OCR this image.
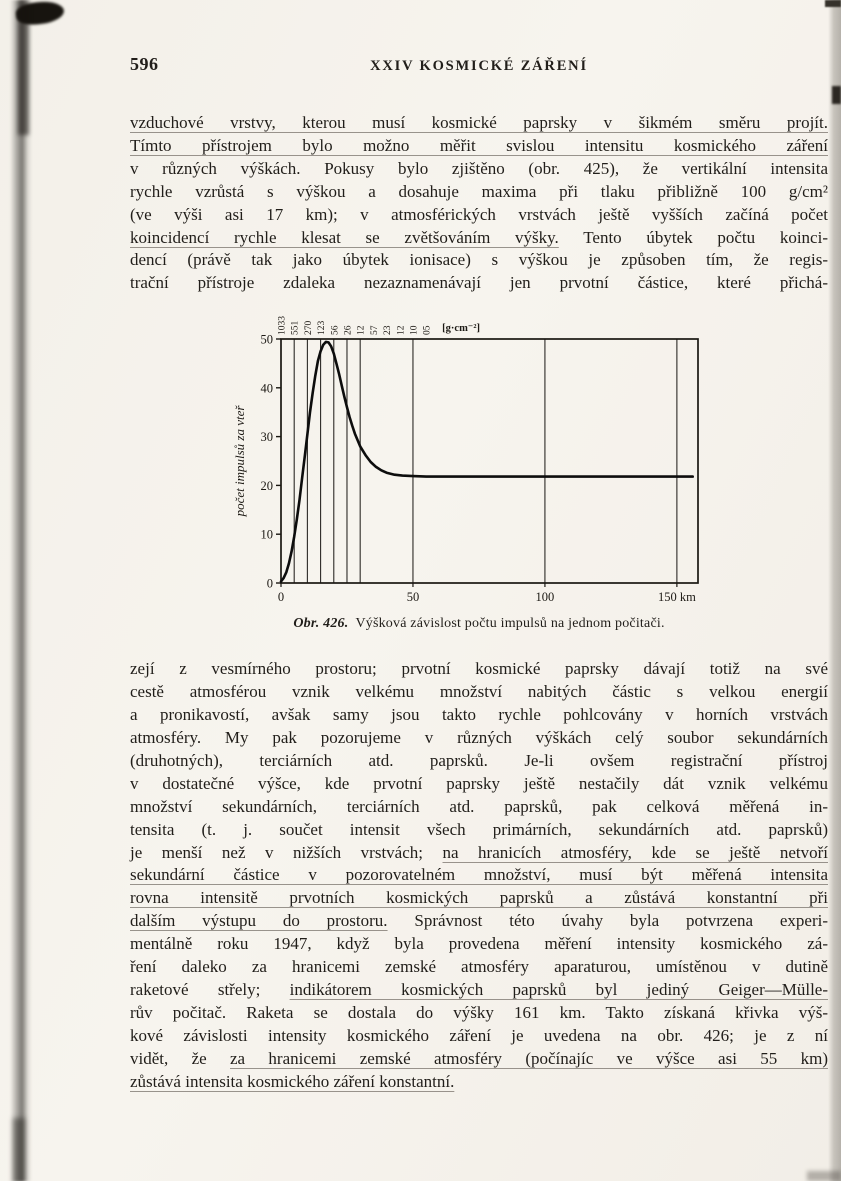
596	XXIV KOSMICKÉ ZÁŘENÍ
vzduchové vrstvy, kterou musí kosmické paprsky v šikmém směru projít.
Tímto přístrojem bylo možno měřit svislou intensitu kosmického záření
v různých výškách. Pokusy bylo zjištěno (obr. 425), že vertikální intensita
rychle vzrůstá s výškou a dosahuje maxima při tlaku přibližně 100 g/cm²
(ve výši asi 17 km); v atmosférických vrstvách ještě vyšších začíná počet
koincidencí rychle klesat se zvětšováním výšky. Tento úbytek počtu koinci-
dencí (právě tak jako úbytek ionisace) s výškou je způsoben tím, že regis-
trační přístroje zdaleka nezaznamenávají jen prvotní částice, které přichá-
0
10
20
30
40
50
0	50	100	150 km
1033 551 270 123 56 26 12 57 23 12 10 05 [g·cm⁻²]
počet impulsů za vteř
Obr. 426. Výšková závislost počtu impulsů na jednom počitači.
zejí z vesmírného prostoru; prvotní kosmické paprsky dávají totiž na své
cestě atmosférou vznik velkému množství nabitých částic s velkou energií
a pronikavostí, avšak samy jsou takto rychle pohlcovány v horních vrstvách
atmosféry. My pak pozorujeme v různých výškách celý soubor sekundárních
(druhotných), terciárních atd. paprsků. Je-li ovšem registrační přístroj
v dostatečné výšce, kde prvotní paprsky ještě nestačily dát vznik velkému
množství sekundárních, terciárních atd. paprsků, pak celková měřená in-
tensita (t. j. součet intensit všech primárních, sekundárních atd. paprsků)
je menší než v nižších vrstvách; na hranicích atmosféry, kde se ještě netvoří
sekundární částice v pozorovatelném množství, musí být měřená intensita
rovna intensitě prvotních kosmických paprsků a zůstává konstantní při
dalším výstupu do prostoru. Správnost této úvahy byla potvrzena experi-
mentálně roku 1947, když byla provedena měření intensity kosmického zá-
ření daleko za hranicemi zemské atmosféry aparaturou, umístěnou v dutině
raketové střely; indikátorem kosmických paprsků byl jediný Geiger—Mülle-
rův počitač. Raketa se dostala do výšky 161 km. Takto získaná křivka výš-
kové závislosti intensity kosmického záření je uvedena na obr. 426; je z ní
vidět, že za hranicemi zemské atmosféry (počínajíc ve výšce asi 55 km)
zůstává intensita kosmického záření konstantní.
